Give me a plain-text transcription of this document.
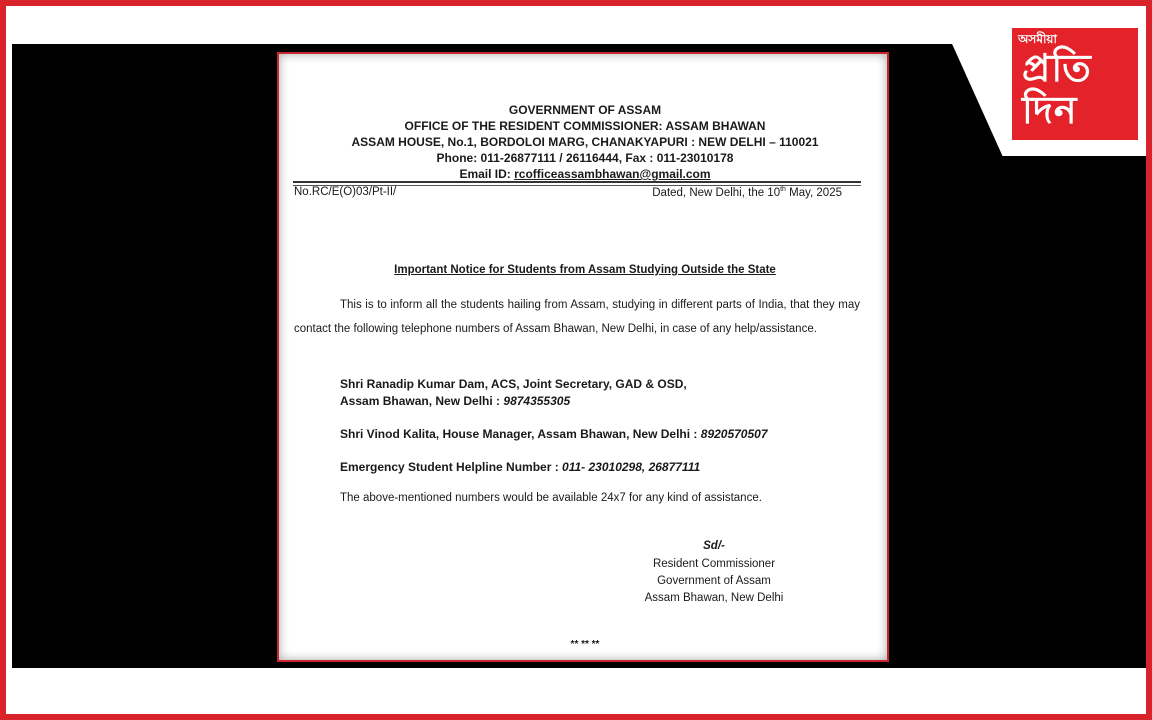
অসমীয়া
প্রতি
দিন
GOVERNMENT OF ASSAM
OFFICE OF THE RESIDENT COMMISSIONER: ASSAM BHAWAN
ASSAM HOUSE, No.1, BORDOLOI MARG, CHANAKYAPURI : NEW DELHI – 110021
Phone: 011-26877111 / 26116444, Fax : 011-23010178
Email ID: rcofficeassambhawan@gmail.com
No.RC/E(O)03/Pt-II/	Dated, New Delhi, the 10th May, 2025
Important Notice for Students from Assam Studying Outside the State
This is to inform all the students hailing from Assam, studying in different parts of India, that they may contact the following telephone numbers of Assam Bhawan, New Delhi, in case of any help/assistance.
Shri Ranadip Kumar Dam, ACS, Joint Secretary, GAD & OSD,
Assam Bhawan, New Delhi : 9874355305
Shri Vinod Kalita, House Manager, Assam Bhawan, New Delhi : 8920570507
Emergency Student Helpline Number : 011- 23010298, 26877111
The above-mentioned numbers would be available 24x7 for any kind of assistance.
Sd/-
Resident Commissioner
Government of Assam
Assam Bhawan, New Delhi
** ** **
